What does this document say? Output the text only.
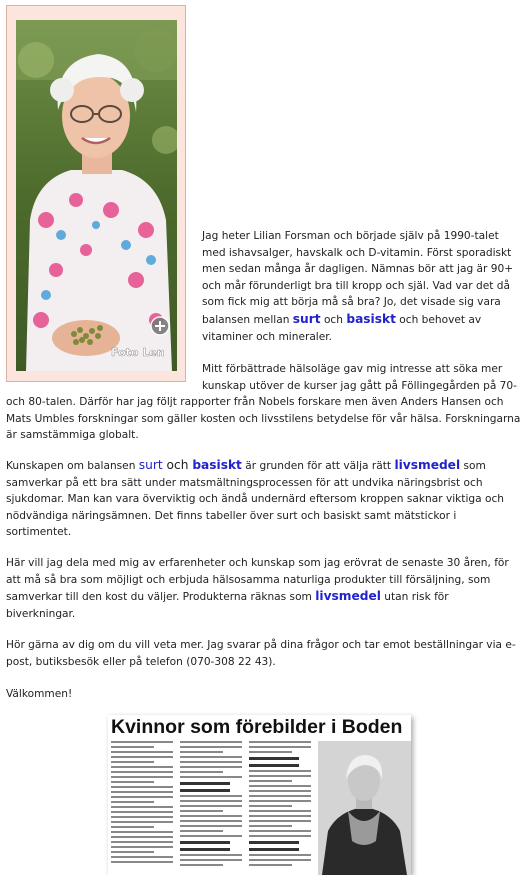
Foto Len

Jag heter Lilian Forsman och började själv på 1990-talet med ishavsalger, havskalk och D-vitamin. Först sporadiskt men sedan många år dagligen. Nämnas bör att jag är 90+ och mår förunderligt bra till kropp och själ. Vad var det då som fick mig att börja må så bra? Jo, det visade sig vara balansen mellan surt och basiskt och behovet av vitaminer och mineraler.

Mitt förbättrade hälsoläge gav mig intresse att söka mer kunskap utöver de kurser jag gått på Föllingegården på 70- och 80-talen. Därför har jag följt rapporter från Nobels forskare men även Anders Hansen och Mats Umbles forskningar som gäller kosten och livsstilens betydelse för vår hälsa. Forskningarna är samstämmiga globalt.

Kunskapen om balansen surt och basiskt är grunden för att välja rätt livsmedel som samverkar på ett bra sätt under matsmältningsprocessen för att undvika näringsbrist och sjukdomar. Man kan vara överviktig och ändå undernärd eftersom kroppen saknar viktiga och nödvändiga näringsämnen. Det finns tabeller över surt och basiskt samt mätstickor i sortimentet.

Här vill jag dela med mig av erfarenheter och kunskap som jag erövrat de senaste 30 åren, för att må så bra som möjligt och erbjuda hälsosamma naturliga produkter till försäljning, som samverkar till den kost du väljer. Produkterna räknas som livsmedel utan risk för biverkningar.

Hör gärna av dig om du vill veta mer. Jag svarar på dina frågor och tar emot beställningar via e-post, butiksbesök eller på telefon (070-308 22 43).

Välkommen!

Kvinnor som förebilder i Boden
